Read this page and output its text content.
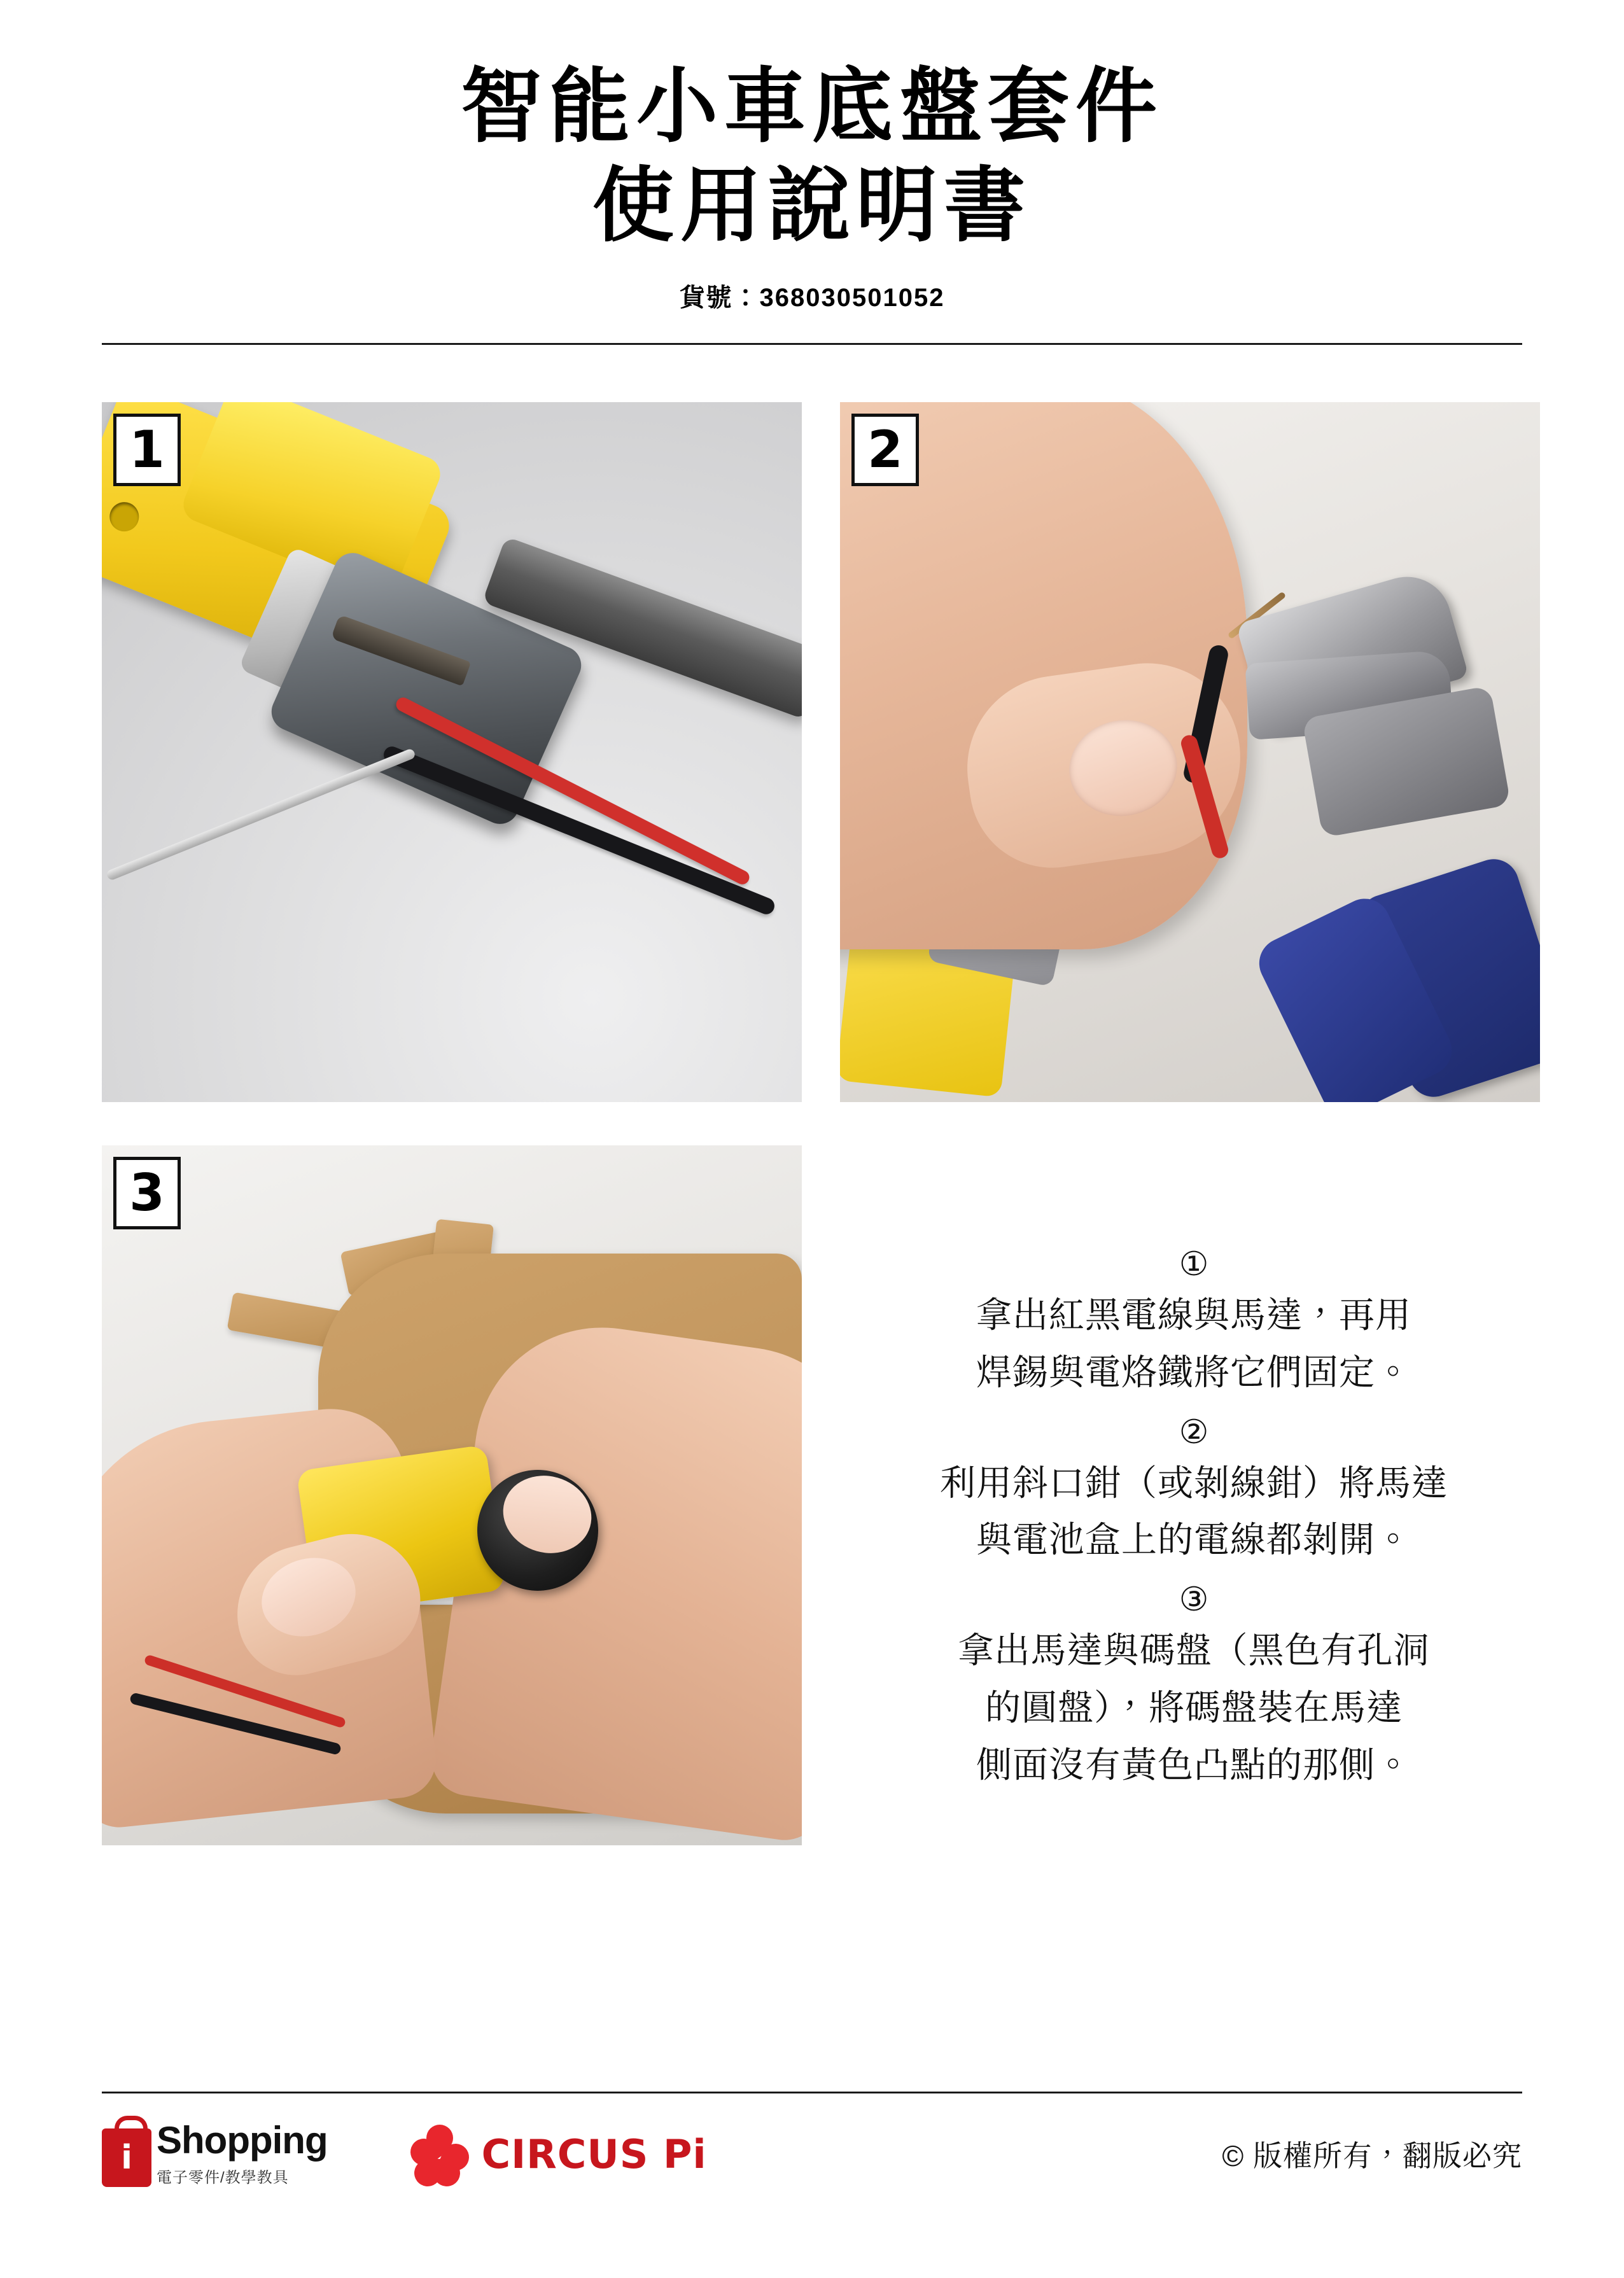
智能小車底盤套件
使用說明書
貨號：368030501052
1	2
3
①
拿出紅黑電線與馬達，再用
焊錫與電烙鐵將它們固定。
②
利用斜口鉗（或剝線鉗）將馬達
與電池盒上的電線都剝開。
③
拿出馬達與碼盤（黑色有孔洞
的圓盤），將碼盤裝在馬達
側面沒有黃色凸點的那側。
i Shopping
電子零件/教學教具
CIRCUS Pi	© 版權所有，翻版必究
